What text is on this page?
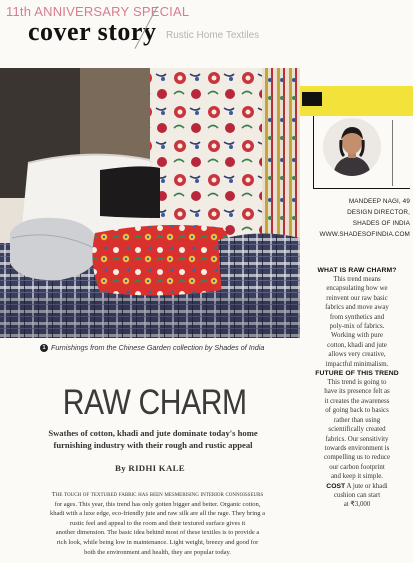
11th ANNIVERSARY SPECIAL
cover story Rustic Home Textiles
1 Furnishings from the Chinese Garden collection by Shades of India
MANDEEP NAGI, 49
DESIGN DIRECTOR,
SHADES OF INDIA
WWW.SHADESOFINDIA.COM
WHAT IS RAW CHARM?
This trend means
encapsulating how we
reinvent our raw basic
fabrics and move away
from synthetics and
poly-mix of fabrics.
Working with pure
cotton, khadi and jute
allows very creative,
impactful minimalism.
FUTURE OF THIS TREND
This trend is going to
have its presence felt as
it creates the awareness
of going back to basics
rather than using
scientifically created
fabrics. Our sensitivity
towards environment is
compelling us to reduce
our carbon footprint
and keep it simple.
COST A jute or khadi
cushion can start
at ₹3,000
RAW CHARM
Swathes of cotton, khadi and jute dominate today's home
furnishing industry with their rough and rustic appeal
By RIDHI KALE
The touch of textured fabric has been mesmerising interior connoisseurs
for ages. This year, this trend has only gotten bigger and better. Organic cotton,
khadi with a luxe edge, eco-friendly jute and raw silk are all the rage. They bring a
rustic feel and appeal to the room and their textured surface gives it
another dimension. The basic idea behind most of these textiles is to provide a
rich look, while being low in maintenance. Light weight, breezy and good for
both the environment and health, they are popular today.
